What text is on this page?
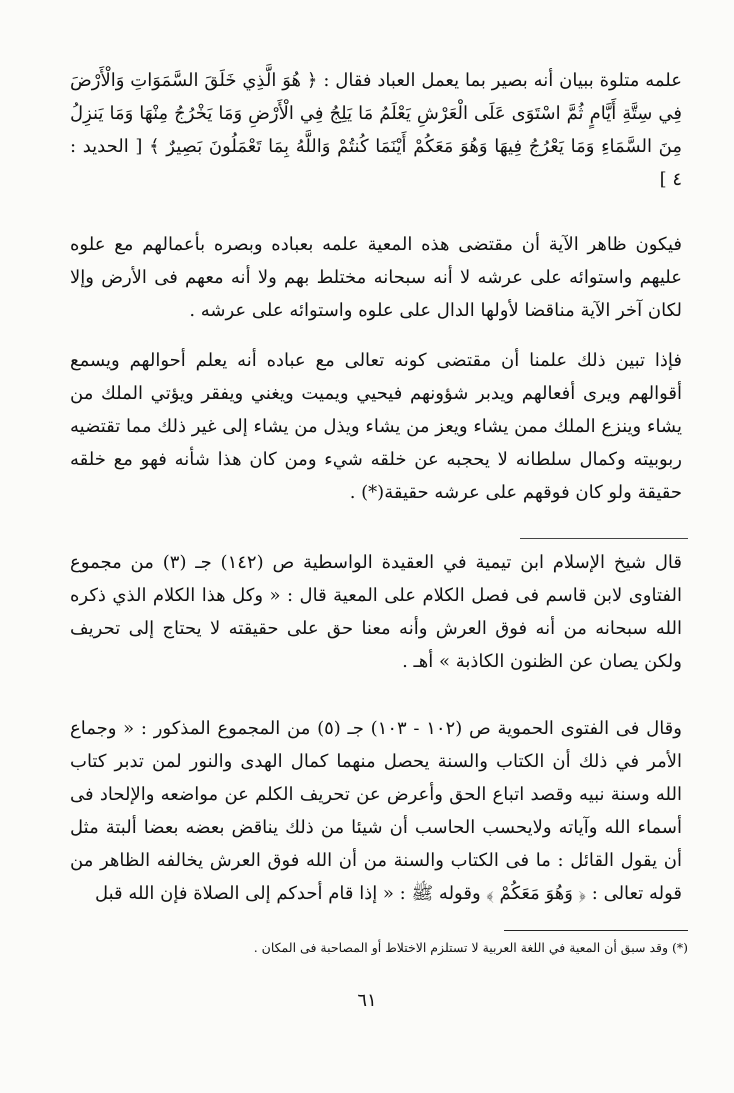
علمه متلوة ببيان أنه بصير بما يعمل العباد فقال : ﴿ هُوَ الَّذِي خَلَقَ السَّمَوَاتِ وَالْأَرْضَ فِي سِتَّةِ أَيَّامٍ ثُمَّ اسْتَوَى عَلَى الْعَرْشِ يَعْلَمُ مَا يَلِجُ فِي الْأَرْضِ وَمَا يَخْرُجُ مِنْهَا وَمَا يَنزِلُ مِنَ السَّمَاءِ وَمَا يَعْرُجُ فِيهَا وَهُوَ مَعَكُمْ أَيْنَمَا كُنتُمْ وَاللَّهُ بِمَا تَعْمَلُونَ بَصِيرٌ ﴾ [ الحديد : ٤ ]

فيكون ظاهر الآية أن مقتضى هذه المعية علمه بعباده وبصره بأعمالهم مع علوه عليهم واستوائه على عرشه لا أنه سبحانه مختلط بهم ولا أنه معهم فى الأرض وإلا لكان آخر الآية مناقضا لأولها الدال على علوه واستوائه على عرشه .

فإذا تبين ذلك علمنا أن مقتضى كونه تعالى مع عباده أنه يعلم أحوالهم ويسمع أقوالهم ويرى أفعالهم ويدبر شؤونهم فيحيي ويميت ويغني ويفقر ويؤتي الملك من يشاء وينزع الملك ممن يشاء ويعز من يشاء ويذل من يشاء إلى غير ذلك مما تقتضيه ربوبيته وكمال سلطانه لا يحجبه عن خلقه شيء ومن كان هذا شأنه فهو مع خلقه حقيقة ولو كان فوقهم على عرشه حقيقة(*) .

قال شيخ الإسلام ابن تيمية في العقيدة الواسطية ص (١٤٢) جـ (٣) من مجموع الفتاوى لابن قاسم فى فصل الكلام على المعية قال : « وكل هذا الكلام الذي ذكره الله سبحانه من أنه فوق العرش وأنه معنا حق على حقيقته لا يحتاج إلى تحريف ولكن يصان عن الظنون الكاذبة » أهـ .

وقال فى الفتوى الحموية ص (١٠٢ - ١٠٣) جـ (٥) من المجموع المذكور : « وجماع الأمر في ذلك أن الكتاب والسنة يحصل منهما كمال الهدى والنور لمن تدبر كتاب الله وسنة نبيه وقصد اتباع الحق وأعرض عن تحريف الكلم عن مواضعه والإلحاد فى أسماء الله وآياته ولايحسب الحاسب أن شيئا من ذلك يناقض بعضه بعضا ألبتة مثل أن يقول القائل : ما فى الكتاب والسنة من أن الله فوق العرش يخالفه الظاهر من قوله تعالى : ﴿ وَهُوَ مَعَكُمْ ﴾ وقوله ﷺ : « إذا قام أحدكم إلى الصلاة فإن الله قبل

(*) وقد سبق أن المعية في اللغة العربية لا تستلزم الاختلاط أو المصاحبة فى المكان .
٦١
